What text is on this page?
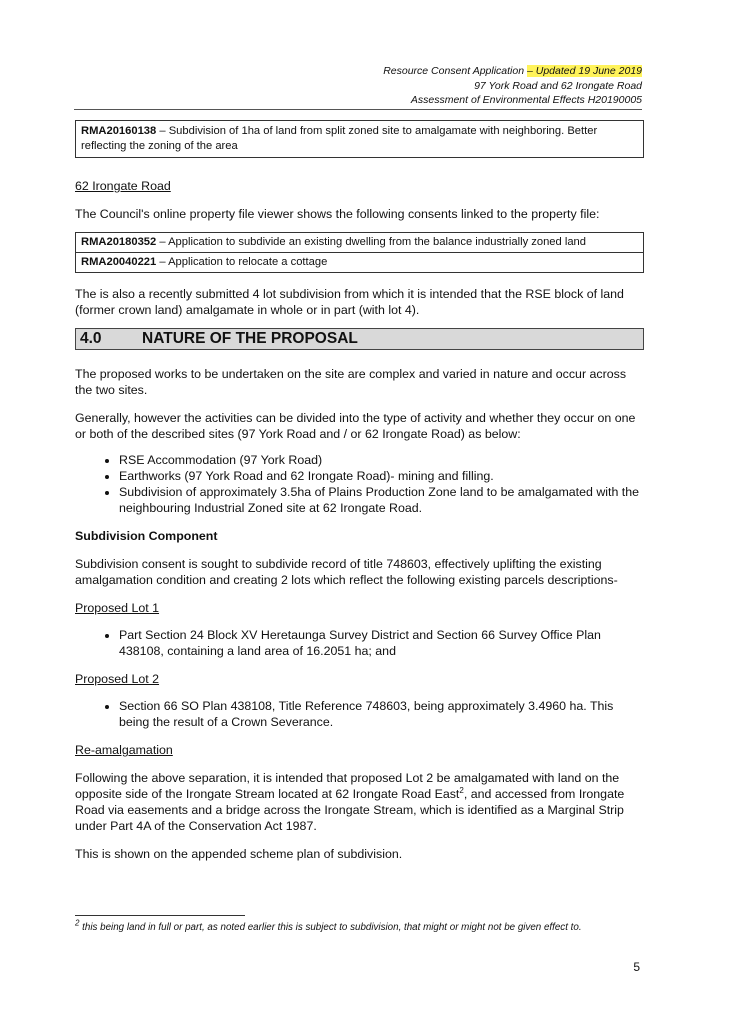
Resource Consent Application – Updated 19 June 2019
97 York Road and 62 Irongate Road
Assessment of Environmental Effects H20190005
RMA20160138 – Subdivision of 1ha of land from split zoned site to amalgamate with neighboring. Better reflecting the zoning of the area

62 Irongate Road

The Council's online property file viewer shows the following consents linked to the property file:

RMA20180352 – Application to subdivide an existing dwelling from the balance industrially zoned land
RMA20040221 – Application to relocate a cottage

The is also a recently submitted 4 lot subdivision from which it is intended that the RSE block of land (former crown land) amalgamate in whole or in part (with lot 4).

4.0	NATURE OF THE PROPOSAL

The proposed works to be undertaken on the site are complex and varied in nature and occur across the two sites.

Generally, however the activities can be divided into the type of activity and whether they occur on one or both of the described sites (97 York Road and / or 62 Irongate Road) as below:

• RSE Accommodation (97 York Road)
• Earthworks (97 York Road and 62 Irongate Road)- mining and filling.
• Subdivision of approximately 3.5ha of Plains Production Zone land to be amalgamated with the neighbouring Industrial Zoned site at 62 Irongate Road.

Subdivision Component

Subdivision consent is sought to subdivide record of title 748603, effectively uplifting the existing amalgamation condition and creating 2 lots which reflect the following existing parcels descriptions-

Proposed Lot 1

• Part Section 24 Block XV Heretaunga Survey District and Section 66 Survey Office Plan 438108, containing a land area of 16.2051 ha; and

Proposed Lot 2

• Section 66 SO Plan 438108, Title Reference 748603, being approximately 3.4960 ha. This being the result of a Crown Severance.

Re-amalgamation

Following the above separation, it is intended that proposed Lot 2 be amalgamated with land on the opposite side of the Irongate Stream located at 62 Irongate Road East$^2$, and accessed from Irongate Road via easements and a bridge across the Irongate Stream, which is identified as a Marginal Strip under Part 4A of the Conservation Act 1987.

This is shown on the appended scheme plan of subdivision.

$^2$ this being land in full or part, as noted earlier this is subject to subdivision, that might or might not be given effect to.
5
